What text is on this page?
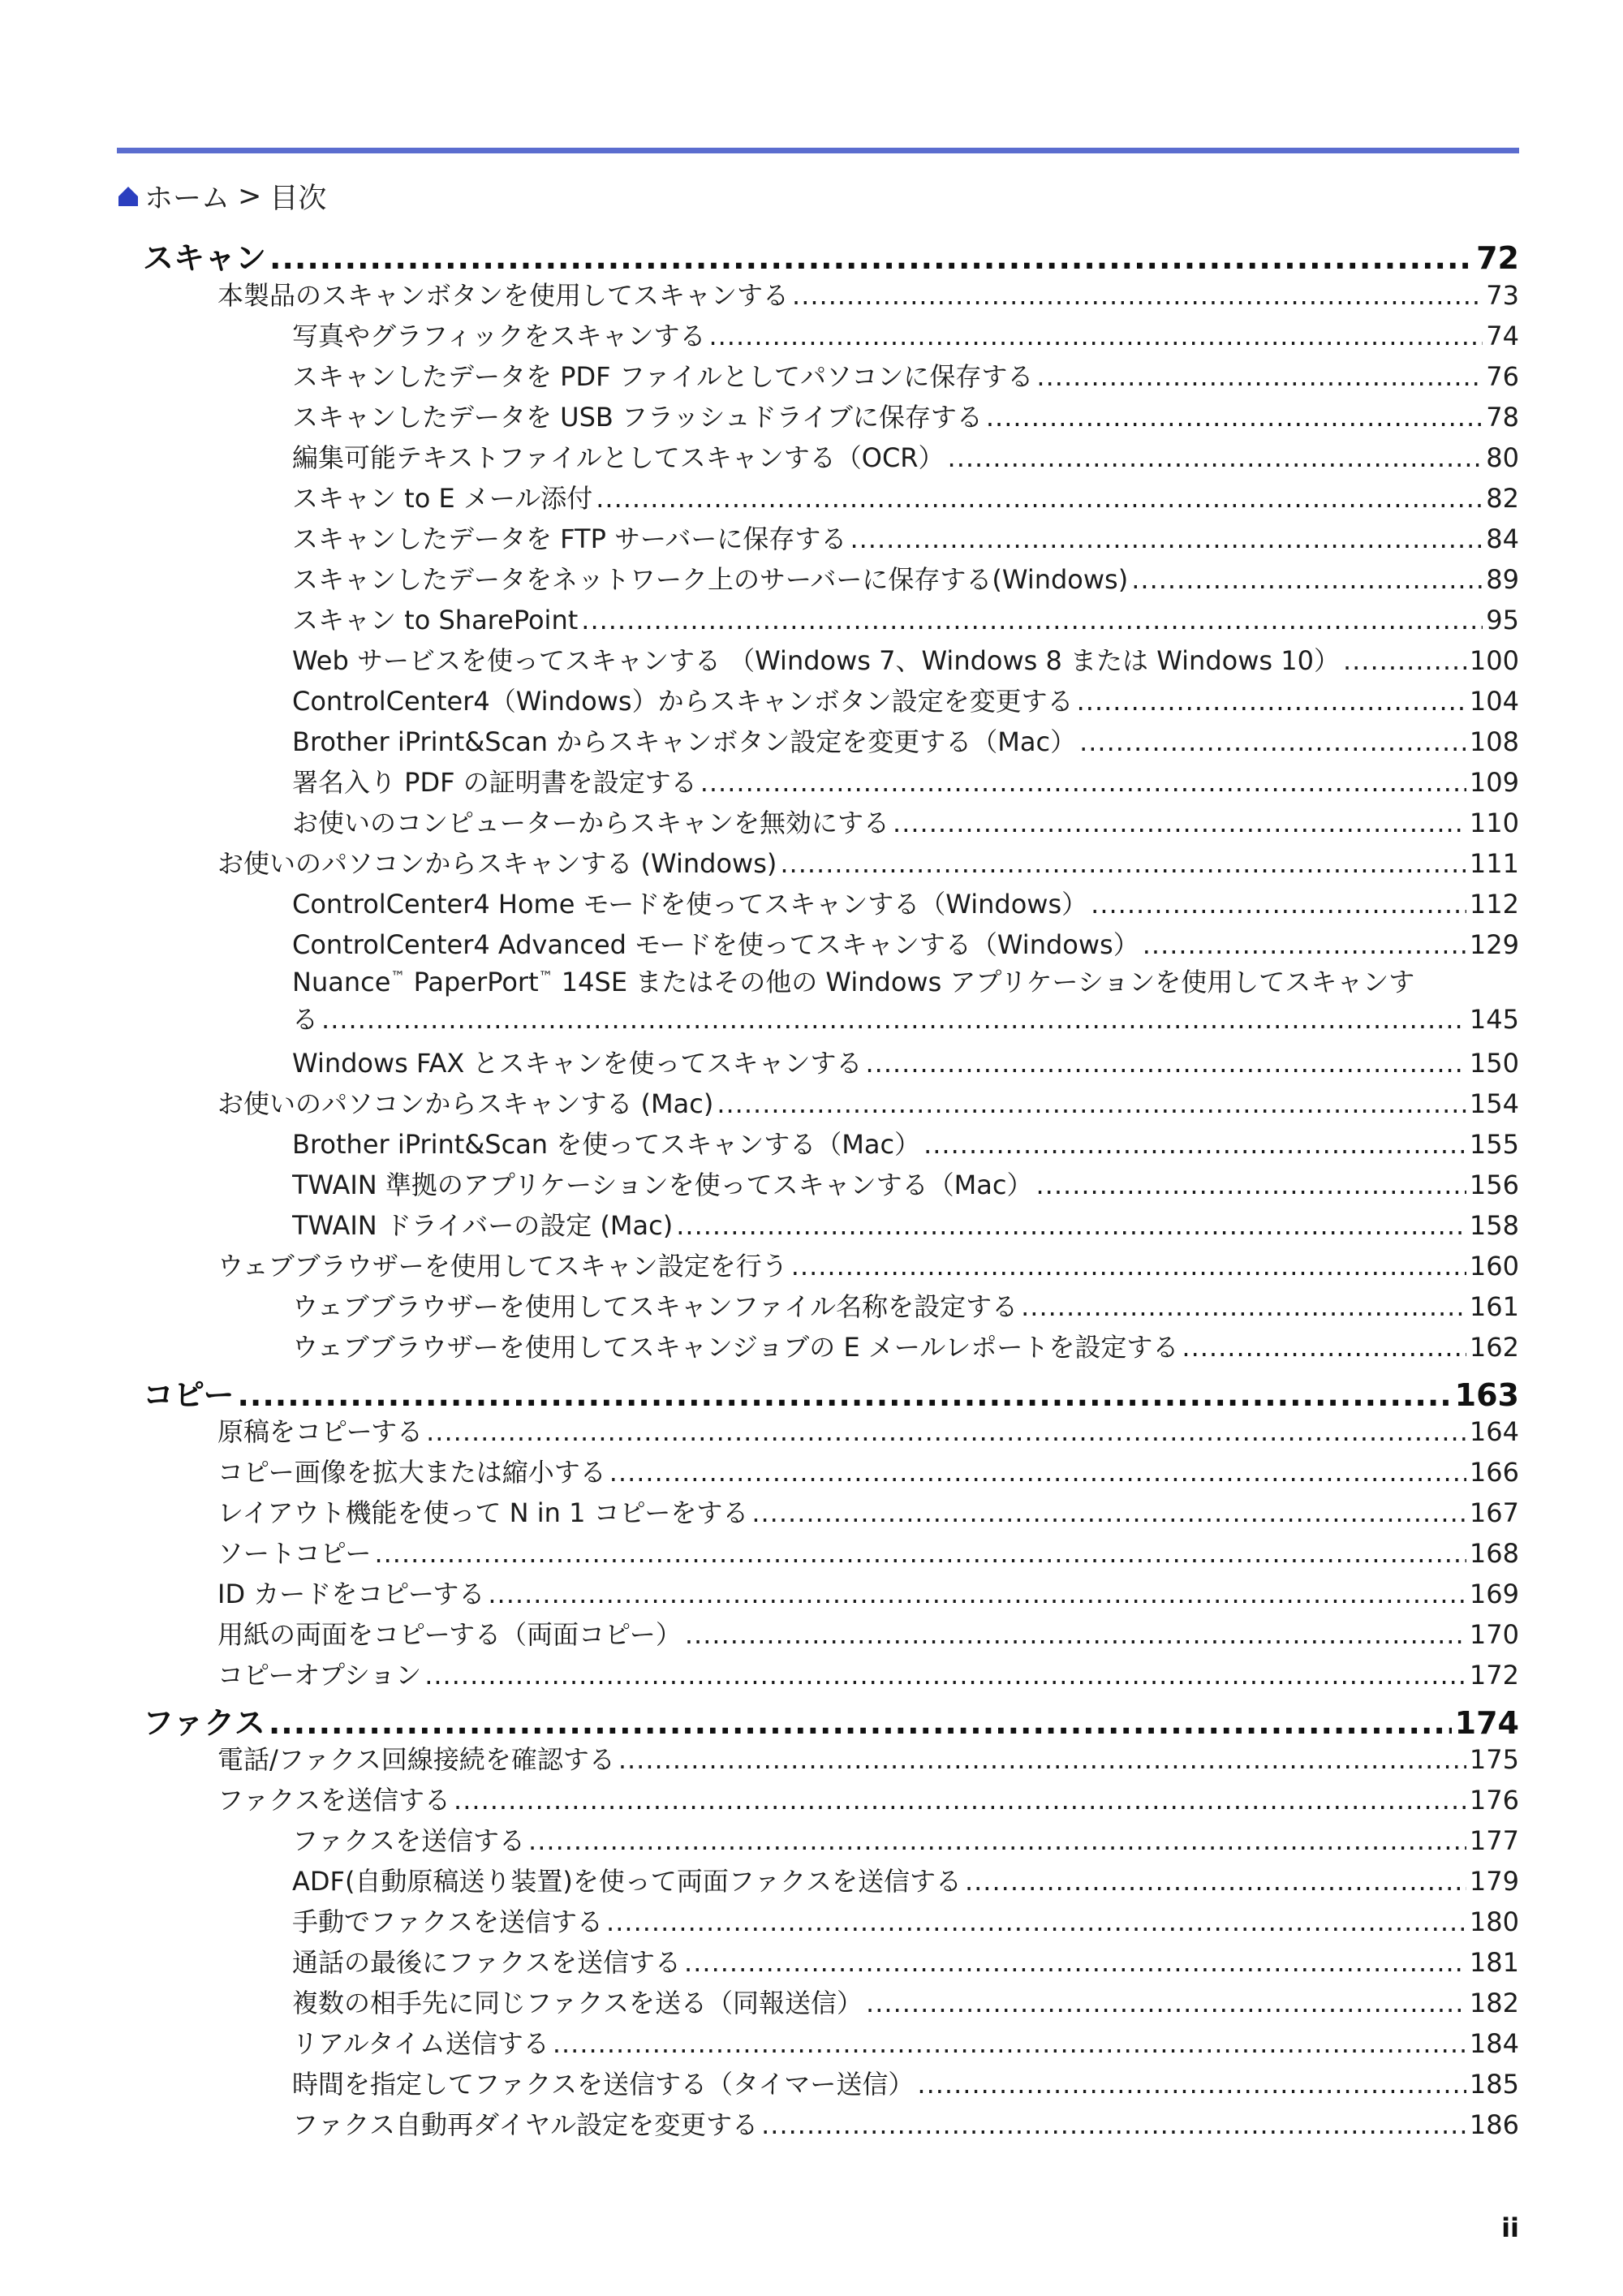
ホーム > 目次
スキャン .....	72
本製品のスキャンボタンを使用してスキャンする .....	73
写真やグラフィックをスキャンする .....	74
スキャンしたデータを PDF ファイルとしてパソコンに保存する .....	76
スキャンしたデータを USB フラッシュドライブに保存する .....	78
編集可能テキストファイルとしてスキャンする（OCR） .....	80
スキャン to E メール添付 .....	82
スキャンしたデータを FTP サーバーに保存する .....	84
スキャンしたデータをネットワーク上のサーバーに保存する(Windows) .....	89
スキャン to SharePoint .....	95
Web サービスを使ってスキャンする （Windows 7、Windows 8 または Windows 10） .....	100
ControlCenter4（Windows）からスキャンボタン設定を変更する .....	104
Brother iPrint&Scan からスキャンボタン設定を変更する（Mac） .....	108
署名入り PDF の証明書を設定する .....	109
お使いのコンピューターからスキャンを無効にする .....	110
お使いのパソコンからスキャンする (Windows) .....	111
ControlCenter4 Home モードを使ってスキャンする（Windows） .....	112
ControlCenter4 Advanced モードを使ってスキャンする（Windows） .....	129
Nuance™ PaperPort™ 14SE またはその他の Windows アプリケーションを使用してスキャンす
る .....	145
Windows FAX とスキャンを使ってスキャンする .....	150
お使いのパソコンからスキャンする (Mac) .....	154
Brother iPrint&Scan を使ってスキャンする（Mac） .....	155
TWAIN 準拠のアプリケーションを使ってスキャンする（Mac） .....	156
TWAIN ドライバーの設定 (Mac) .....	158
ウェブブラウザーを使用してスキャン設定を行う .....	160
ウェブブラウザーを使用してスキャンファイル名称を設定する .....	161
ウェブブラウザーを使用してスキャンジョブの E メールレポートを設定する .....	162
コピー .....	163
原稿をコピーする .....	164
コピー画像を拡大または縮小する .....	166
レイアウト機能を使って N in 1 コピーをする .....	167
ソートコピー .....	168
ID カードをコピーする .....	169
用紙の両面をコピーする（両面コピー） .....	170
コピーオプション .....	172
ファクス .....	174
電話/ファクス回線接続を確認する .....	175
ファクスを送信する .....	176
ファクスを送信する .....	177
ADF(自動原稿送り装置)を使って両面ファクスを送信する .....	179
手動でファクスを送信する .....	180
通話の最後にファクスを送信する .....	181
複数の相手先に同じファクスを送る（同報送信） .....	182
リアルタイム送信する .....	184
時間を指定してファクスを送信する（タイマー送信） .....	185
ファクス自動再ダイヤル設定を変更する .....	186
ii
